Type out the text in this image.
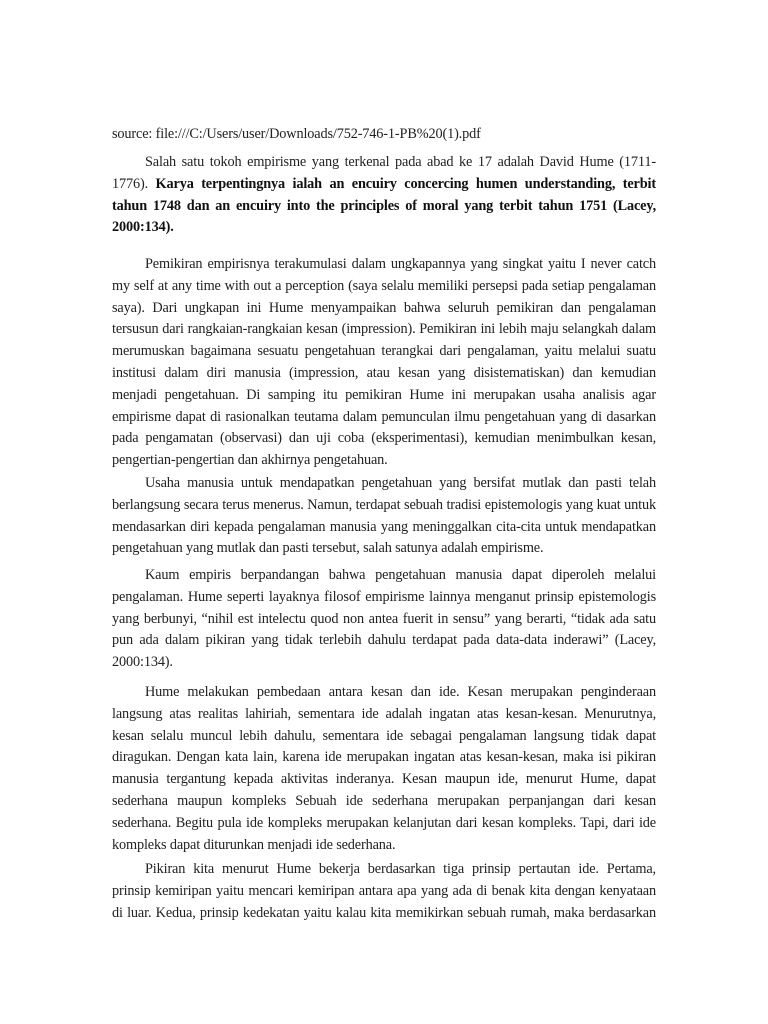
source: file:///C:/Users/user/Downloads/752-746-1-PB%20(1).pdf
Salah satu tokoh empirisme yang terkenal pada abad ke 17 adalah David Hume (1711-
1776). Karya terpentingnya ialah an encuiry concercing humen understanding, terbit
tahun 1748 dan an encuiry into the principles of moral yang terbit tahun 1751 (Lacey,
2000:134).
Pemikiran empirisnya terakumulasi dalam ungkapannya yang singkat yaitu I never catch
my self at any time with out a perception (saya selalu memiliki persepsi pada setiap pengalaman
saya). Dari ungkapan ini Hume menyampaikan bahwa seluruh pemikiran dan pengalaman
tersusun dari rangkaian-rangkaian kesan (impression). Pemikiran ini lebih maju selangkah dalam
merumuskan bagaimana sesuatu pengetahuan terangkai dari pengalaman, yaitu melalui suatu
institusi dalam diri manusia (impression, atau kesan yang disistematiskan) dan kemudian
menjadi pengetahuan. Di samping itu pemikiran Hume ini merupakan usaha analisis agar
empirisme dapat di rasionalkan teutama dalam pemunculan ilmu pengetahuan yang di dasarkan
pada pengamatan (observasi) dan uji coba (eksperimentasi), kemudian menimbulkan kesan,
pengertian-pengertian dan akhirnya pengetahuan.
Usaha manusia untuk mendapatkan pengetahuan yang bersifat mutlak dan pasti telah
berlangsung secara terus menerus. Namun, terdapat sebuah tradisi epistemologis yang kuat untuk
mendasarkan diri kepada pengalaman manusia yang meninggalkan cita-cita untuk mendapatkan
pengetahuan yang mutlak dan pasti tersebut, salah satunya adalah empirisme.
Kaum empiris berpandangan bahwa pengetahuan manusia dapat diperoleh melalui
pengalaman. Hume seperti layaknya filosof empirisme lainnya menganut prinsip epistemologis
yang berbunyi, “nihil est intelectu quod non antea fuerit in sensu” yang berarti, “tidak ada satu
pun ada dalam pikiran yang tidak terlebih dahulu terdapat pada data-data inderawi” (Lacey,
2000:134).
Hume melakukan pembedaan antara kesan dan ide. Kesan merupakan penginderaan
langsung atas realitas lahiriah, sementara ide adalah ingatan atas kesan-kesan. Menurutnya,
kesan selalu muncul lebih dahulu, sementara ide sebagai pengalaman langsung tidak dapat
diragukan. Dengan kata lain, karena ide merupakan ingatan atas kesan-kesan, maka isi pikiran
manusia tergantung kepada aktivitas inderanya. Kesan maupun ide, menurut Hume, dapat
sederhana maupun kompleks Sebuah ide sederhana merupakan perpanjangan dari kesan
sederhana. Begitu pula ide kompleks merupakan kelanjutan dari kesan kompleks. Tapi, dari ide
kompleks dapat diturunkan menjadi ide sederhana.
Pikiran kita menurut Hume bekerja berdasarkan tiga prinsip pertautan ide. Pertama,
prinsip kemiripan yaitu mencari kemiripan antara apa yang ada di benak kita dengan kenyataan
di luar. Kedua, prinsip kedekatan yaitu kalau kita memikirkan sebuah rumah, maka berdasarkan
